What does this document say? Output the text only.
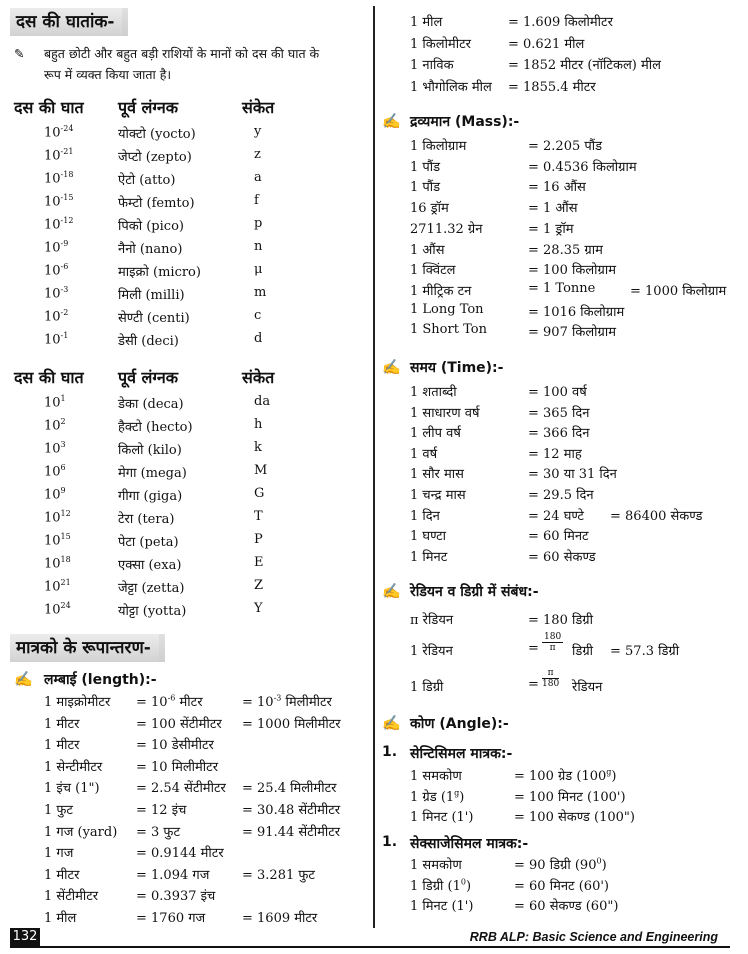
दस की घातांक-
✎ बहुत छोटी और बहुत बड़ी राशियों के मानों को दस की घात के
रूप में व्यक्त किया जाता है।
दस की घात पूर्व लंग्नक	संकेत
$10^{-24}$	योक्टो (yocto)	y
$10^{-21}$	जेप्टो (zepto)	z
$10^{-18}$	ऐटो (atto)	a
$10^{-15}$	फेम्टो (femto)	f
$10^{-12}$	पिको (pico)	p
$10^{-9}$	नैनो (nano)	n
$10^{-6}$	माइक्रो (micro)	μ
$10^{-3}$	मिली (milli)	m
$10^{-2}$	सेण्टी (centi)	c
$10^{-1}$	डेसी (deci)	d
दस की घात पूर्व लंग्नक	संकेत
$10^1$	डेका (deca)	da
$10^2$	हैक्टो (hecto)	h
$10^3$	किलो (kilo)	k
$10^6$	मेगा (mega)	M
$10^9$	गीगा (giga)	G
$10^{12}$	टेरा (tera)	T
$10^{15}$	पेटा (peta)	P
$10^{18}$	एक्सा (exa)	E
$10^{21}$	जेट्टा (zetta)	Z
$10^{24}$	योट्टा (yotta)	Y
मात्रको के रूपान्तरण-
✍ लम्बाई (length):-
1 माइक्रोमीटर = $10^{-6}$ मीटर	= $10^{-3}$ मिलीमीटर
1 मीटर	= 100 सेंटीमीटर = 1000 मिलीमीटर
1 मीटर	= 10 डेसीमीटर
1 सेन्टीमीटर	= 10 मिलीमीटर
1 इंच (1")	= 2.54 सेंटीमीटर = 25.4 मिलीमीटर
1 फुट	= 12 इंच	= 30.48 सेंटीमीटर
1 गज (yard) = 3 फुट	= 91.44 सेंटीमीटर
1 गज	= 0.9144 मीटर
1 मीटर	= 1.094 गज	= 3.281 फुट
1 सेंटीमीटर	= 0.3937 इंच
1 मील	= 1760 गज	= 1609 मीटर
1 मील	= 1.609 किलोमीटर
1 किलोमीटर	= 0.621 मील
1 नाविक	= 1852 मीटर (नॉटिकल) मील
1 भौगोलिक मील = 1855.4 मीटर
✍ द्रव्यमान (Mass):-
1 किलोग्राम	= 2.205 पौंड
1 पौंड	= 0.4536 किलोग्राम
1 पौंड	= 16 औंस
16 ड्रॉम	= 1 औंस
2711.32 ग्रेन	= 1 ड्रॉम
1 औंस	= 28.35 ग्राम
1 क्विंटल	= 100 किलोग्राम
1 मीट्रिक टन	= 1 Tonne	= 1000 किलोग्राम
1 Long Ton	= 1016 किलोग्राम
1 Short Ton	= 907 किलोग्राम
✍ समय (Time):-
1 शताब्दी	= 100 वर्ष
1 साधारण वर्ष	= 365 दिन
1 लीप वर्ष	= 366 दिन
1 वर्ष	= 12 माह
1 सौर मास	= 30 या 31 दिन
1 चन्द्र मास	= 29.5 दिन
1 दिन	= 24 घण्टे = 86400 सेकण्ड
1 घण्टा	= 60 मिनट
1 मिनट	= 60 सेकण्ड
✍ रेडियन व डिग्री में संबंध:-
π रेडियन	= 180 डिग्री
1 रेडियन	= $\frac{180}{\pi}$ डिग्री = 57.3 डिग्री
1 डिग्री	= $\frac{\pi}{180}$ रेडियन
✍ कोण (Angle):-
1. सेन्टिसिमल मात्रक:-
1 समकोण	= 100 ग्रेड (100$^g$)
1 ग्रेड $(1^g)$	= 100 मिनट (100')
1 मिनट (1')	= 100 सेकण्ड (100")
1. सेक्साजेसिमल मात्रक:-
1 समकोण	= 90 डिग्री $(90^0)$
1 डिग्री $(1^0)$	= 60 मिनट (60')
1 मिनट (1')	= 60 सेकण्ड (60")
132	RRB ALP: Basic Science and Engineering
